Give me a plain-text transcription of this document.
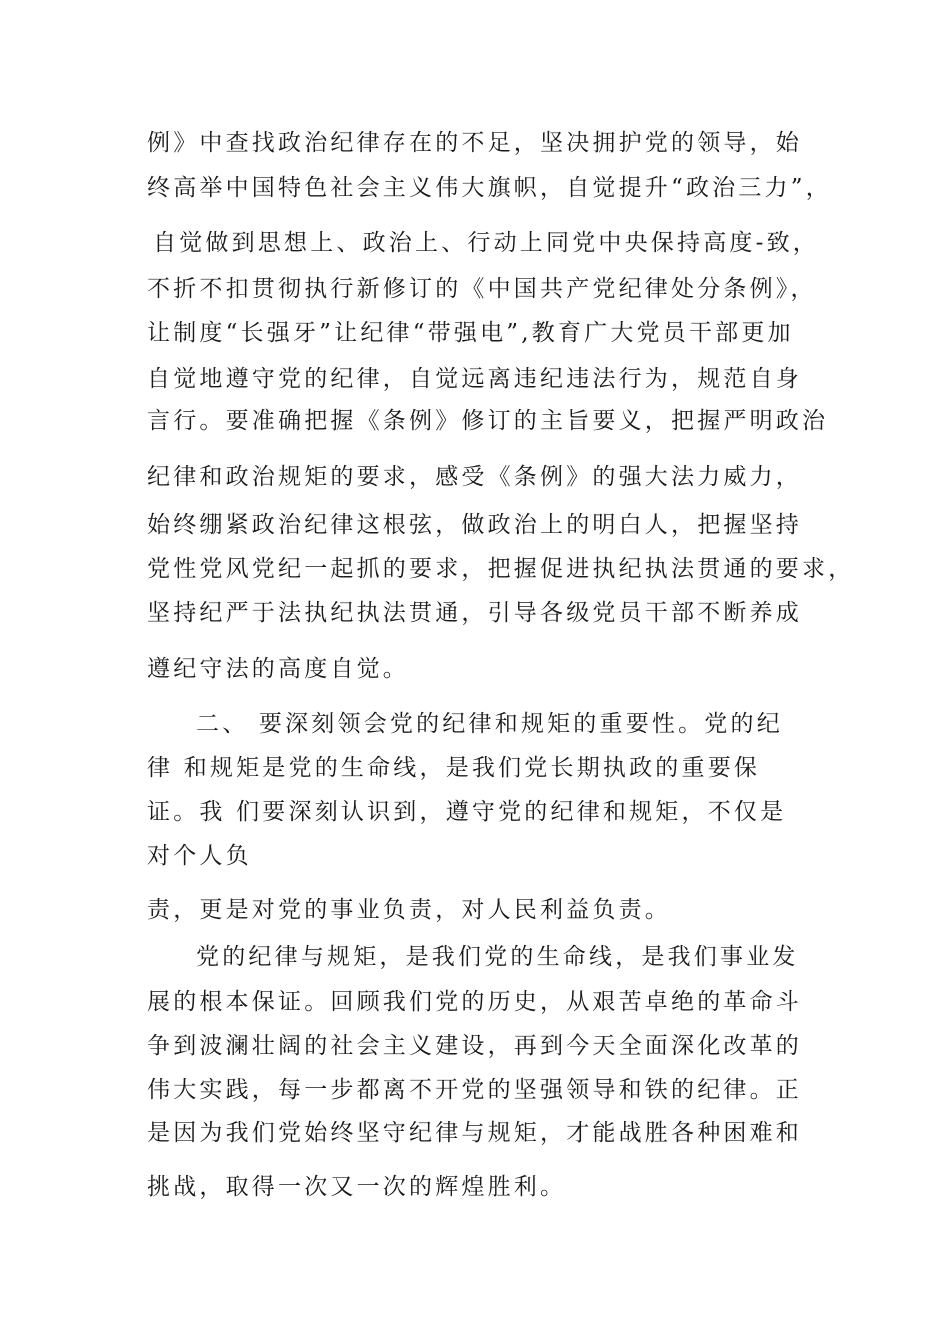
例》中查找政治纪律存在的不足，坚决拥护党的领导，始
终高举中国特色社会主义伟大旗帜，自觉提升“政治三力”，
自觉做到思想上、政治上、行动上同党中央保持高度-致，
不折不扣贯彻执行新修订的《中国共产党纪律处分条例》，
让制度“长强牙”让纪律“带强电”,教育广大党员干部更加
自觉地遵守党的纪律，自觉远离违纪违法行为，规范自身
言行。要准确把握《条例》修订的主旨要义，把握严明政治
纪律和政治规矩的要求，感受《条例》的强大法力威力，
始终绷紧政治纪律这根弦，做政治上的明白人，把握坚持
党性党风党纪一起抓的要求，把握促进执纪执法贯通的要求，
坚持纪严于法执纪执法贯通，引导各级党员干部不断养成
遵纪守法的高度自觉。
二、 要深刻领会党的纪律和规矩的重要性。党的纪
律 和规矩是党的生命线，是我们党长期执政的重要保
证。我 们要深刻认识到，遵守党的纪律和规矩，不仅是
对个人负
责，更是对党的事业负责，对人民利益负责。
党的纪律与规矩，是我们党的生命线，是我们事业发
展的根本保证。回顾我们党的历史，从艰苦卓绝的革命斗
争到波澜壮阔的社会主义建设，再到今天全面深化改革的
伟大实践，每一步都离不开党的坚强领导和铁的纪律。正
是因为我们党始终坚守纪律与规矩，才能战胜各种困难和
挑战，取得一次又一次的辉煌胜利。
